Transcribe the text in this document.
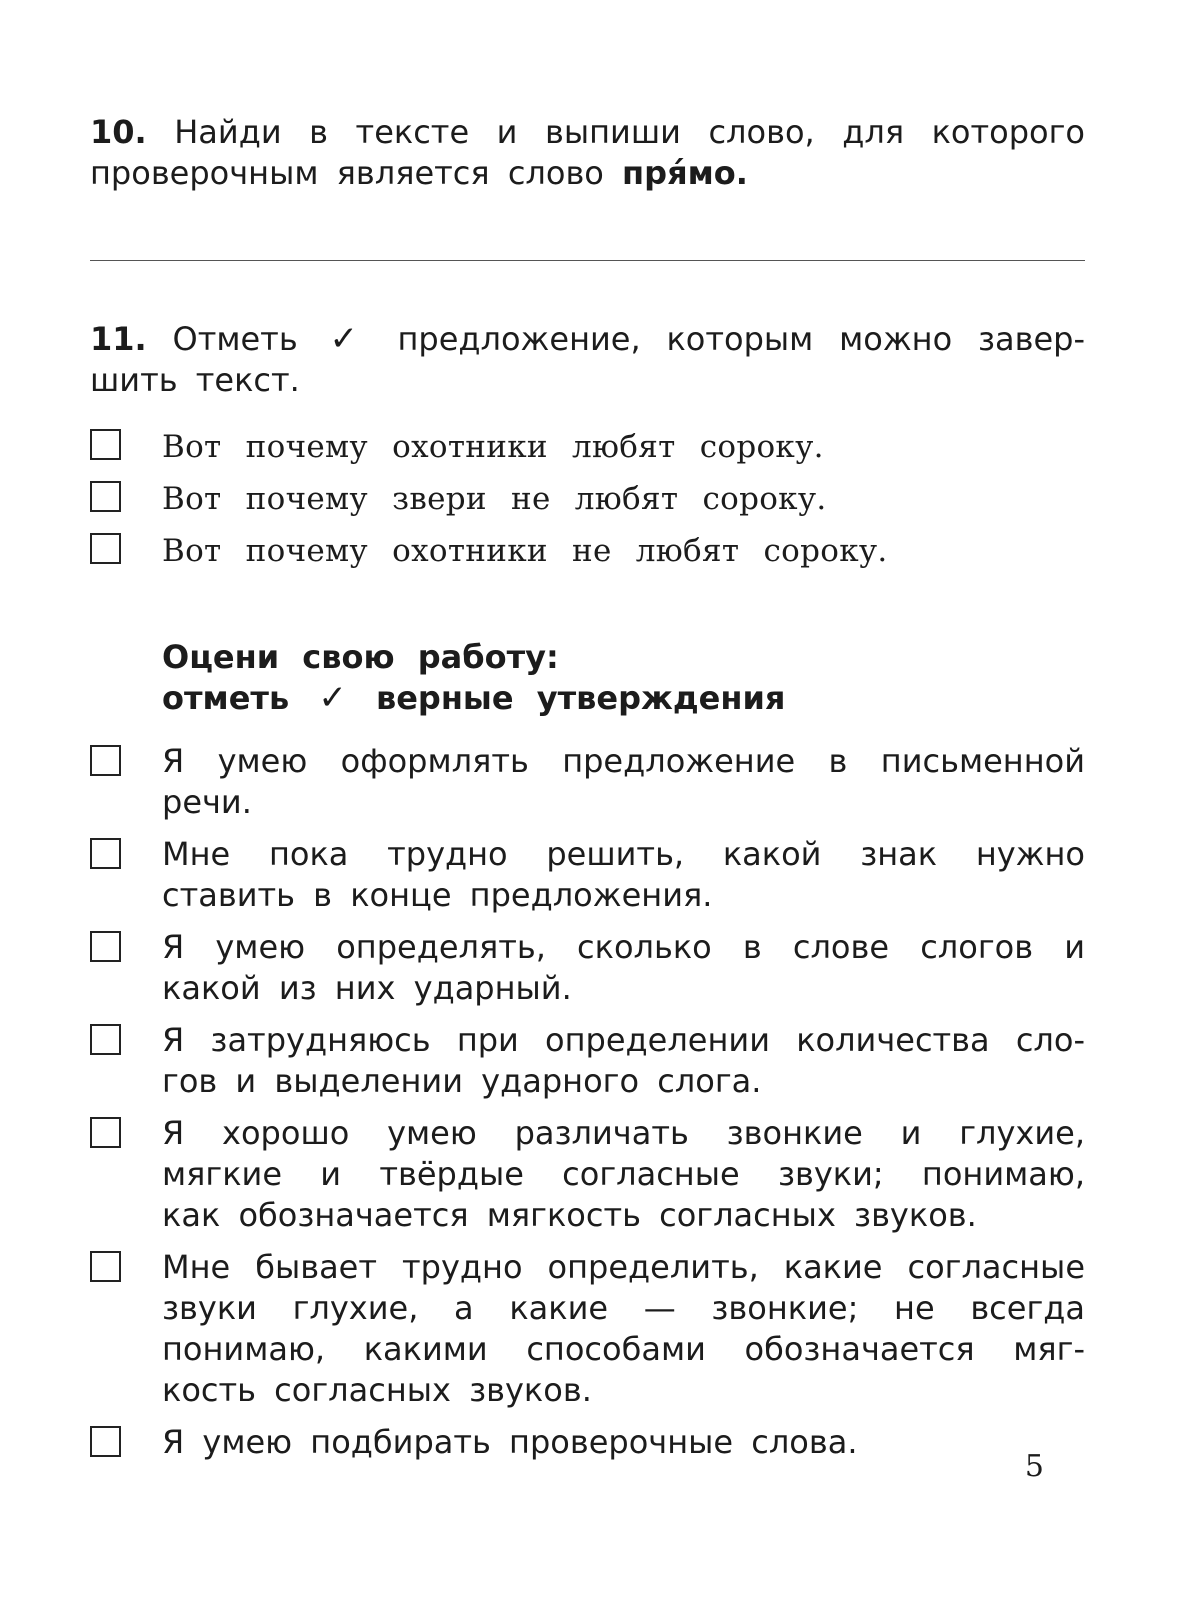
10. Найди в тексте и выпиши слово, для которого
проверочным является слово пря́мо.
11. Отметь ✓ предложение, которым можно завер-
шить текст.
Вот почему охотники любят сороку.
Вот почему звери не любят сороку.
Вот почему охотники не любят сороку.
Оцени свою работу:
отметь ✓ верные утверждения
Я умею оформлять предложение в письменной
речи.
Мне пока трудно решить, какой знак нужно
ставить в конце предложения.
Я умею определять, сколько в слове слогов и
какой из них ударный.
Я затрудняюсь при определении количества сло-
гов и выделении ударного слога.
Я хорошо умею различать звонкие и глухие,
мягкие и твёрдые согласные звуки; понимаю,
как обозначается мягкость согласных звуков.
Мне бывает трудно определить, какие согласные
звуки глухие, а какие — звонкие; не всегда
понимаю, какими способами обозначается мяг-
кость согласных звуков.
Я умею подбирать проверочные слова.
5
